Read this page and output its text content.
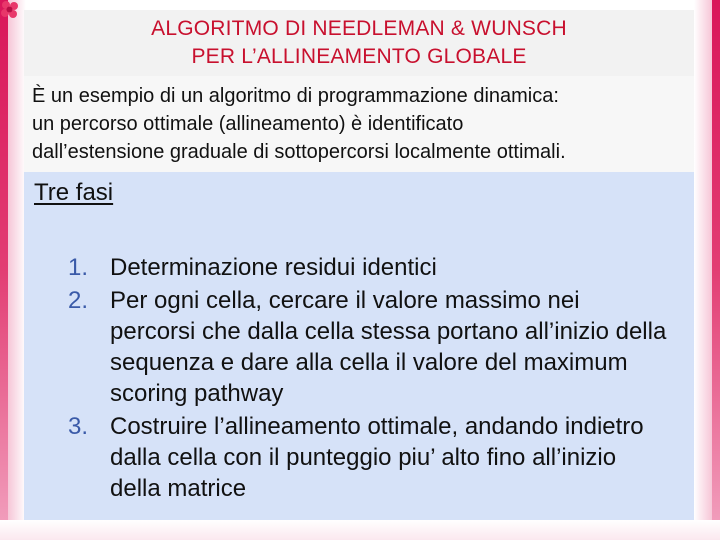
ALGORITMO DI NEEDLEMAN & WUNSCH
PER L’ALLINEAMENTO GLOBALE

È un esempio di un algoritmo di programmazione dinamica:
un percorso ottimale (allineamento) è identificato
dall’estensione graduale di sottopercorsi localmente ottimali.

Tre fasi
1. Determinazione residui identici
2. Per ogni cella, cercare il valore massimo nei percorsi che dalla cella stessa portano all’inizio della sequenza e dare alla cella il valore del maximum scoring pathway
3. Costruire l’allineamento ottimale, andando indietro dalla cella con il punteggio piu’ alto fino all’inizio della matrice
